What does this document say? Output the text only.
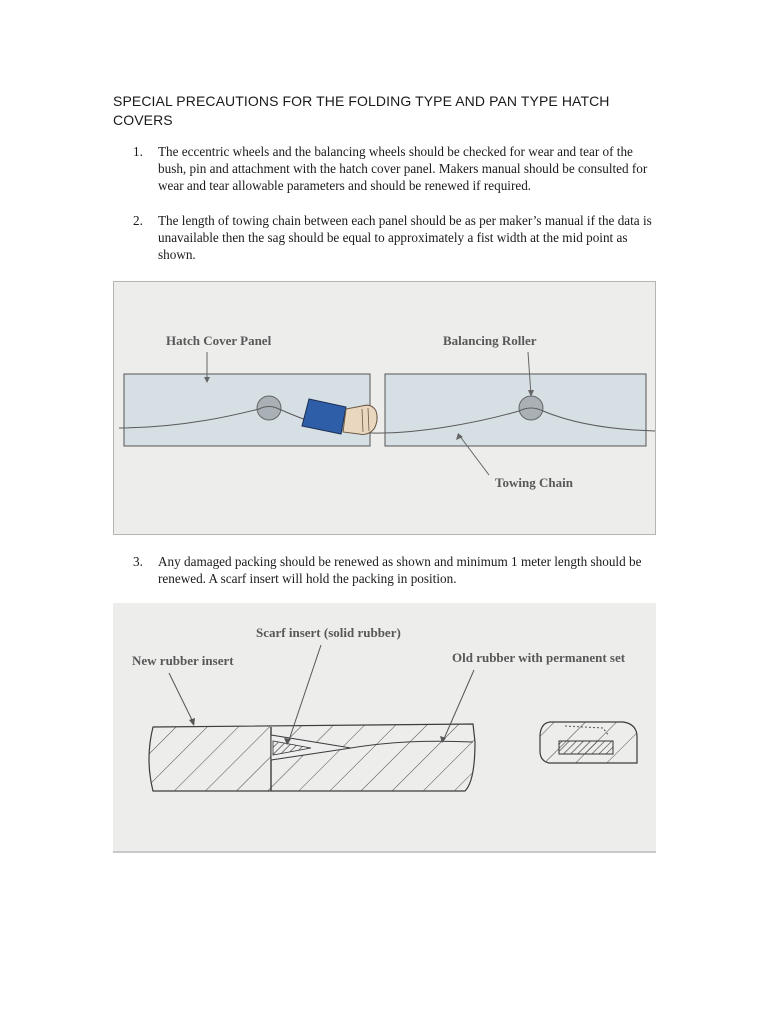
SPECIAL PRECAUTIONS FOR THE FOLDING TYPE AND PAN TYPE HATCH COVERS
1.	The eccentric wheels and the balancing wheels should be checked for wear and tear of the bush, pin and attachment with the hatch cover panel. Makers manual should be consulted for wear and tear allowable parameters and should be renewed if required.
2.	The length of towing chain between each panel should be as per maker’s manual if the data is unavailable then the sag should be equal to approximately a fist width at the mid point as shown.
Hatch Cover Panel	Balancing Roller
Towing Chain
3.	Any damaged packing should be renewed as shown and minimum 1 meter length should be renewed. A scarf insert will hold the packing in position.
New rubber insert
Scarf insert (solid rubber)
Old rubber with permanent set
